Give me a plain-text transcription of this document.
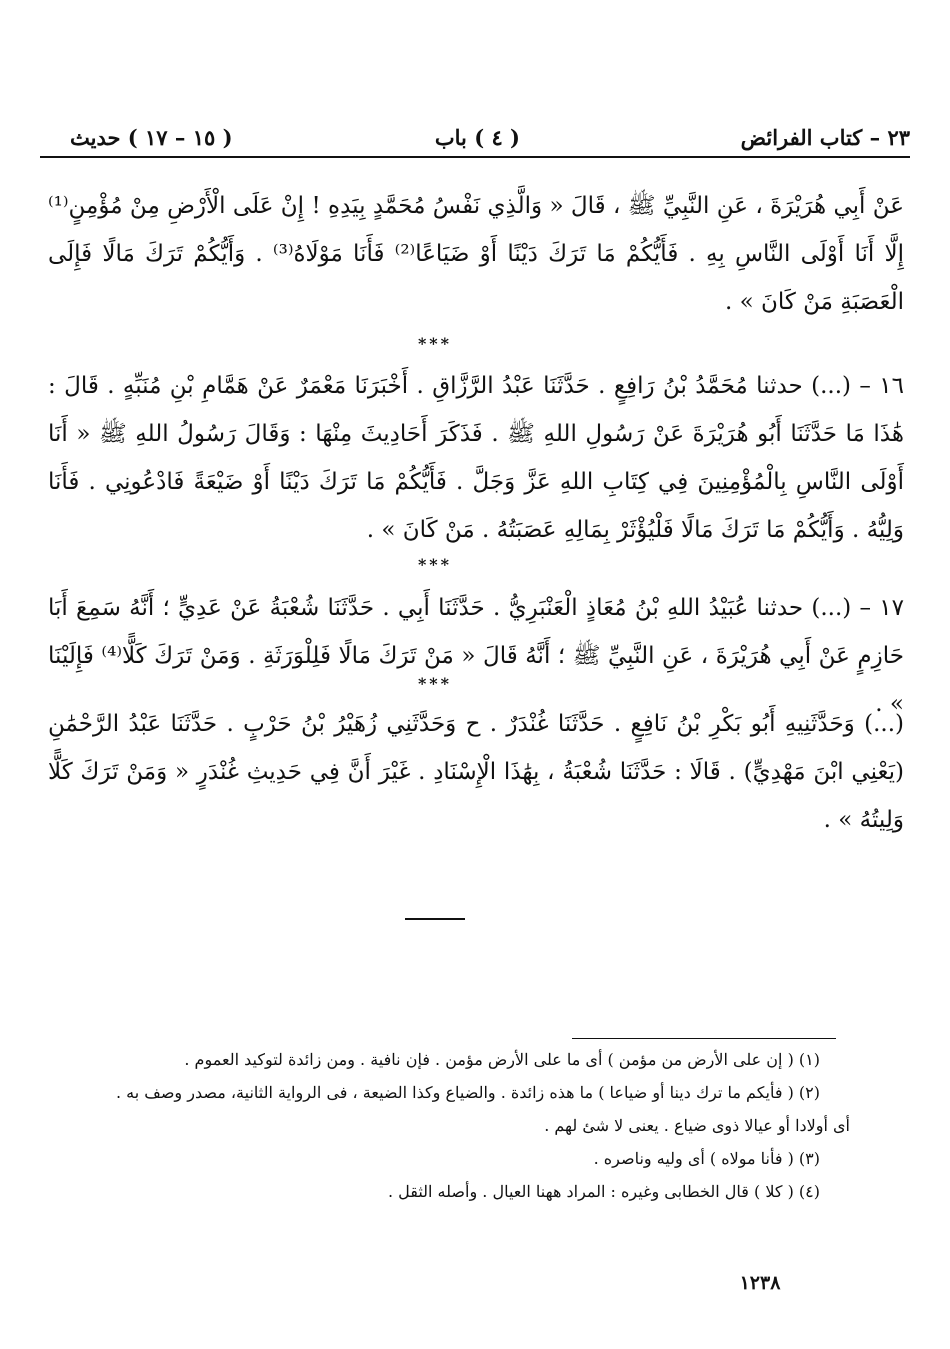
٢٣ – كتاب الفرائض
( ٤ ) باب
( ١٥ – ١٧ ) حديث
عَنْ أَبِي هُرَيْرَةَ ، عَنِ النَّبِيِّ ﷺ ، قَالَ « وَالَّذِي نَفْسُ مُحَمَّدٍ بِيَدِهِ ! إِنْ عَلَى الْأَرْضِ مِنْ مُؤْمِنٍ⁽¹⁾ إِلَّا أَنَا أَوْلَى النَّاسِ بِهِ . فَأَيُّكُمْ مَا تَرَكَ دَيْنًا أَوْ ضَيَاعًا⁽²⁾ فَأَنَا مَوْلَاهُ⁽³⁾ . وَأَيُّكُمْ تَرَكَ مَالًا فَإِلَى الْعَصَبَةِ مَنْ كَانَ » .
***
١٦ – (...) حدثنا مُحَمَّدُ بْنُ رَافِعٍ . حَدَّثَنَا عَبْدُ الرَّزَّاقِ . أَخْبَرَنَا مَعْمَرٌ عَنْ هَمَّامِ بْنِ مُنَبِّهٍ . قَالَ : هَٰذَا مَا حَدَّثَنَا أَبُو هُرَيْرَةَ عَنْ رَسُولِ اللهِ ﷺ . فَذَكَرَ أَحَادِيثَ مِنْهَا : وَقَالَ رَسُولُ اللهِ ﷺ « أَنَا أَوْلَى النَّاسِ بِالْمُؤْمِنِينَ فِي كِتَابِ اللهِ عَزَّ وَجَلَّ . فَأَيُّكُمْ مَا تَرَكَ دَيْنًا أَوْ ضَيْعَةً فَادْعُونِي . فَأَنَا وَلِيُّهُ . وَأَيُّكُمْ مَا تَرَكَ مَالًا فَلْيُؤْثَرْ بِمَالِهِ عَصَبَتُهُ . مَنْ كَانَ » .
***
١٧ – (...) حدثنا عُبَيْدُ اللهِ بْنُ مُعَاذٍ الْعَنْبَرِيُّ . حَدَّثَنَا أَبِي . حَدَّثَنَا شُعْبَةُ عَنْ عَدِيٍّ ؛ أَنَّهُ سَمِعَ أَبَا حَازِمٍ عَنْ أَبِي هُرَيْرَةَ ، عَنِ النَّبِيِّ ﷺ ؛ أَنَّهُ قَالَ « مَنْ تَرَكَ مَالًا فَلِلْوَرَثَةِ . وَمَنْ تَرَكَ كَلًّا⁽⁴⁾ فَإِلَيْنَا » .
***
(...) وَحَدَّثَنِيهِ أَبُو بَكْرِ بْنُ نَافِعٍ . حَدَّثَنَا غُنْدَرٌ . ح وَحَدَّثَنِي زُهَيْرُ بْنُ حَرْبٍ . حَدَّثَنَا عَبْدُ الرَّحْمَٰنِ (يَعْنِي ابْنَ مَهْدِيٍّ) . قَالَا : حَدَّثَنَا شُعْبَةُ ، بِهَٰذَا الْإِسْنَادِ . غَيْرَ أَنَّ فِي حَدِيثِ غُنْدَرٍ « وَمَنْ تَرَكَ كَلًّا وَلِيتُهُ » .
(١) ( إن على الأرض من مؤمن ) أى ما على الأرض مؤمن . فإن نافية . ومن زائدة لتوكيد العموم .
(٢) ( فأيكم ما ترك دينا أو ضياعا ) ما هذه زائدة . والضياع وكذا الضيعة ، فى الرواية الثانية، مصدر وصف به .
أى أولادا أو عيالا ذوى ضياع . يعنى لا شئ لهم .
(٣) ( فأنا مولاه ) أى وليه وناصره .
(٤) ( كلا ) قال الخطابى وغيره : المراد ههنا العيال . وأصله الثقل .
١٢٣٨
